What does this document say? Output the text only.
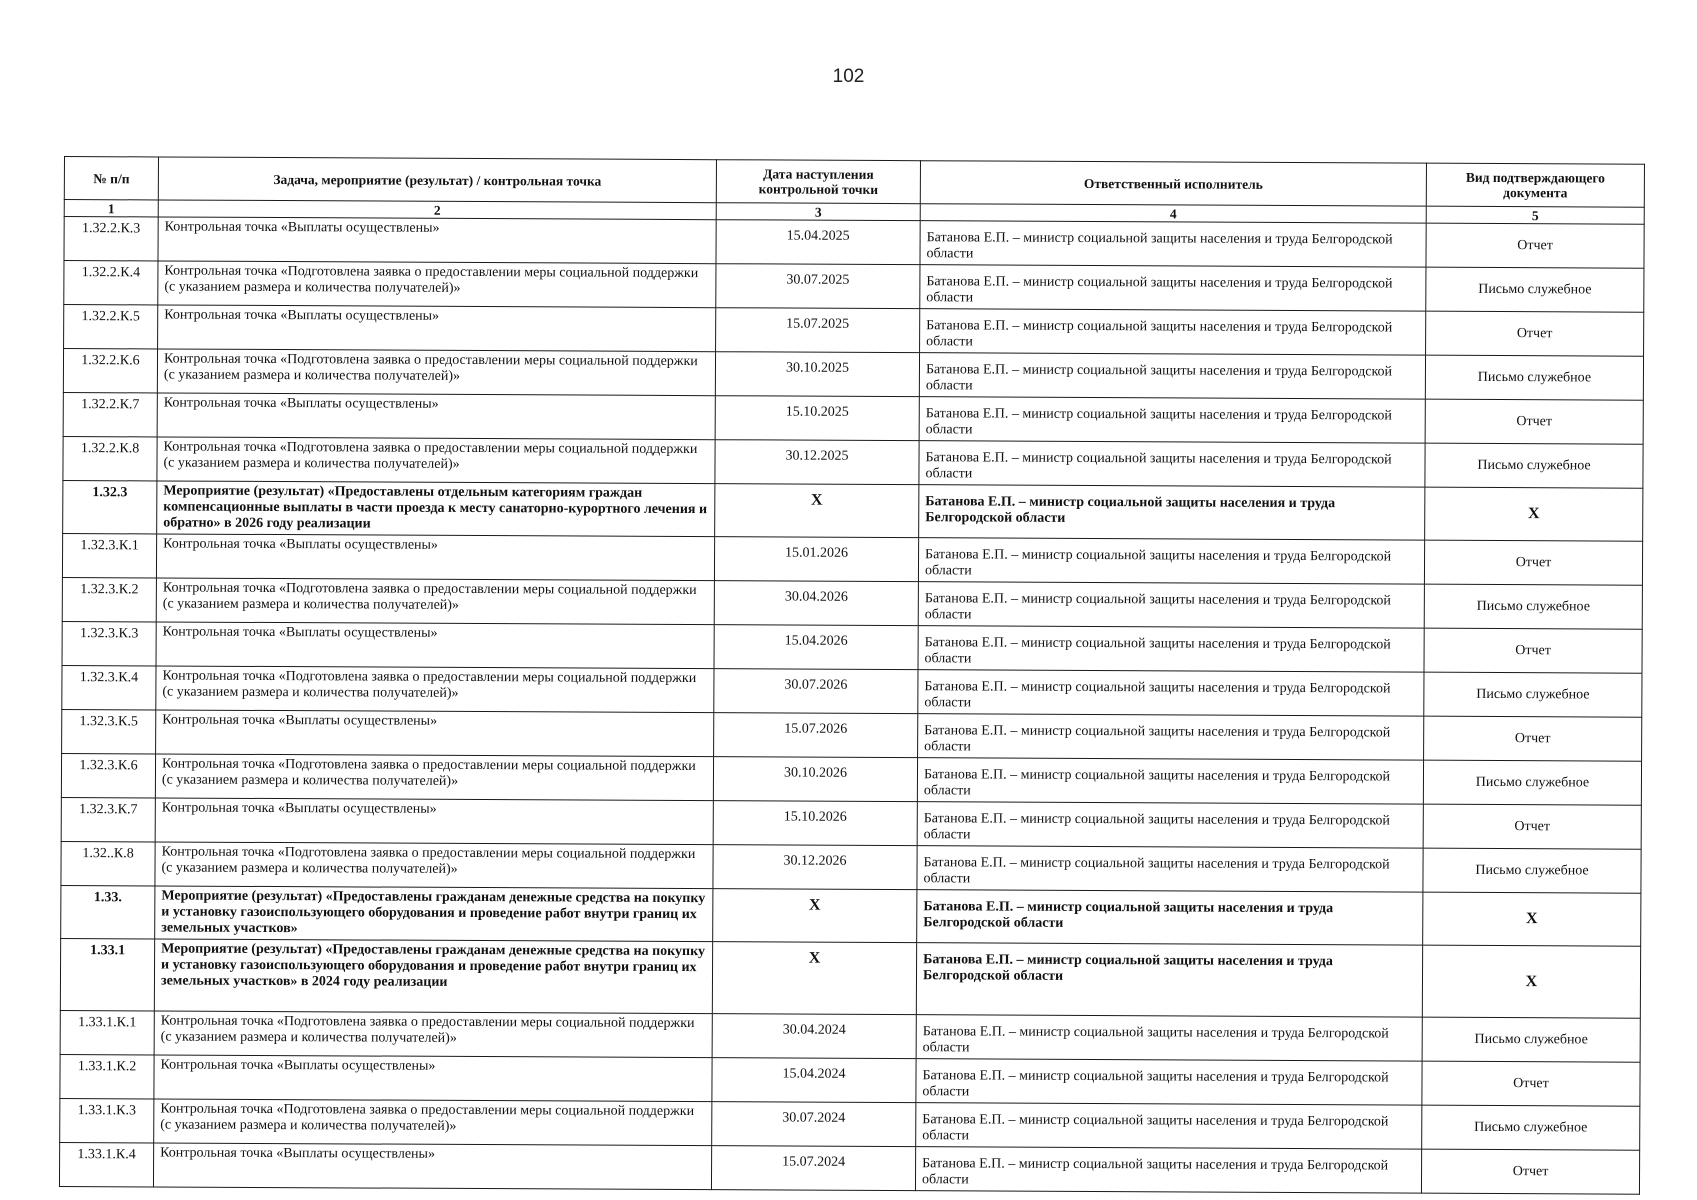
102
№ п/п	Задача, мероприятие (результат) / контрольная точка	Дата наступления контрольной точки	Ответственный исполнитель	Вид подтверждающего документа
1	2	3	4	5
1.32.2.К.3	Контрольная точка «Выплаты осуществлены»	15.04.2025	Батанова Е.П. – министр социальной защиты населения и труда Белгородской области	Отчет
1.32.2.К.4	Контрольная точка «Подготовлена заявка о предоставлении меры социальной поддержки (с указанием размера и количества получателей)»	30.07.2025	Батанова Е.П. – министр социальной защиты населения и труда Белгородской области	Письмо служебное
1.32.2.К.5	Контрольная точка «Выплаты осуществлены»	15.07.2025	Батанова Е.П. – министр социальной защиты населения и труда Белгородской области	Отчет
1.32.2.К.6	Контрольная точка «Подготовлена заявка о предоставлении меры социальной поддержки (с указанием размера и количества получателей)»	30.10.2025	Батанова Е.П. – министр социальной защиты населения и труда Белгородской области	Письмо служебное
1.32.2.К.7	Контрольная точка «Выплаты осуществлены»	15.10.2025	Батанова Е.П. – министр социальной защиты населения и труда Белгородской области	Отчет
1.32.2.К.8	Контрольная точка «Подготовлена заявка о предоставлении меры социальной поддержки (с указанием размера и количества получателей)»	30.12.2025	Батанова Е.П. – министр социальной защиты населения и труда Белгородской области	Письмо служебное
1.32.3	Мероприятие (результат) «Предоставлены отдельным категориям граждан компенсационные выплаты в части проезда к месту санаторно-курортного лечения и обратно» в 2026 году реализации	X	Батанова Е.П. – министр социальной защиты населения и труда Белгородской области	X
1.32.3.К.1	Контрольная точка «Выплаты осуществлены»	15.01.2026	Батанова Е.П. – министр социальной защиты населения и труда Белгородской области	Отчет
1.32.3.К.2	Контрольная точка «Подготовлена заявка о предоставлении меры социальной поддержки (с указанием размера и количества получателей)»	30.04.2026	Батанова Е.П. – министр социальной защиты населения и труда Белгородской области	Письмо служебное
1.32.3.К.3	Контрольная точка «Выплаты осуществлены»	15.04.2026	Батанова Е.П. – министр социальной защиты населения и труда Белгородской области	Отчет
1.32.3.К.4	Контрольная точка «Подготовлена заявка о предоставлении меры социальной поддержки (с указанием размера и количества получателей)»	30.07.2026	Батанова Е.П. – министр социальной защиты населения и труда Белгородской области	Письмо служебное
1.32.3.К.5	Контрольная точка «Выплаты осуществлены»	15.07.2026	Батанова Е.П. – министр социальной защиты населения и труда Белгородской области	Отчет
1.32.3.К.6	Контрольная точка «Подготовлена заявка о предоставлении меры социальной поддержки (с указанием размера и количества получателей)»	30.10.2026	Батанова Е.П. – министр социальной защиты населения и труда Белгородской области	Письмо служебное
1.32.3.К.7	Контрольная точка «Выплаты осуществлены»	15.10.2026	Батанова Е.П. – министр социальной защиты населения и труда Белгородской области	Отчет
1.32..К.8	Контрольная точка «Подготовлена заявка о предоставлении меры социальной поддержки (с указанием размера и количества получателей)»	30.12.2026	Батанова Е.П. – министр социальной защиты населения и труда Белгородской области	Письмо служебное
1.33.	Мероприятие (результат) «Предоставлены гражданам денежные средства на покупку и установку газоиспользующего оборудования и проведение работ внутри границ их земельных участков»	X	Батанова Е.П. – министр социальной защиты населения и труда Белгородской области	X
1.33.1	Мероприятие (результат) «Предоставлены гражданам денежные средства на покупку и установку газоиспользующего оборудования и проведение работ внутри границ их земельных участков» в 2024 году реализации	X	Батанова Е.П. – министр социальной защиты населения и труда Белгородской области	X
1.33.1.К.1	Контрольная точка «Подготовлена заявка о предоставлении меры социальной поддержки (с указанием размера и количества получателей)»	30.04.2024	Батанова Е.П. – министр социальной защиты населения и труда Белгородской области	Письмо служебное
1.33.1.К.2	Контрольная точка «Выплаты осуществлены»	15.04.2024	Батанова Е.П. – министр социальной защиты населения и труда Белгородской области	Отчет
1.33.1.К.3	Контрольная точка «Подготовлена заявка о предоставлении меры социальной поддержки (с указанием размера и количества получателей)»	30.07.2024	Батанова Е.П. – министр социальной защиты населения и труда Белгородской области	Письмо служебное
1.33.1.К.4	Контрольная точка «Выплаты осуществлены»	15.07.2024	Батанова Е.П. – министр социальной защиты населения и труда Белгородской области	Отчет
